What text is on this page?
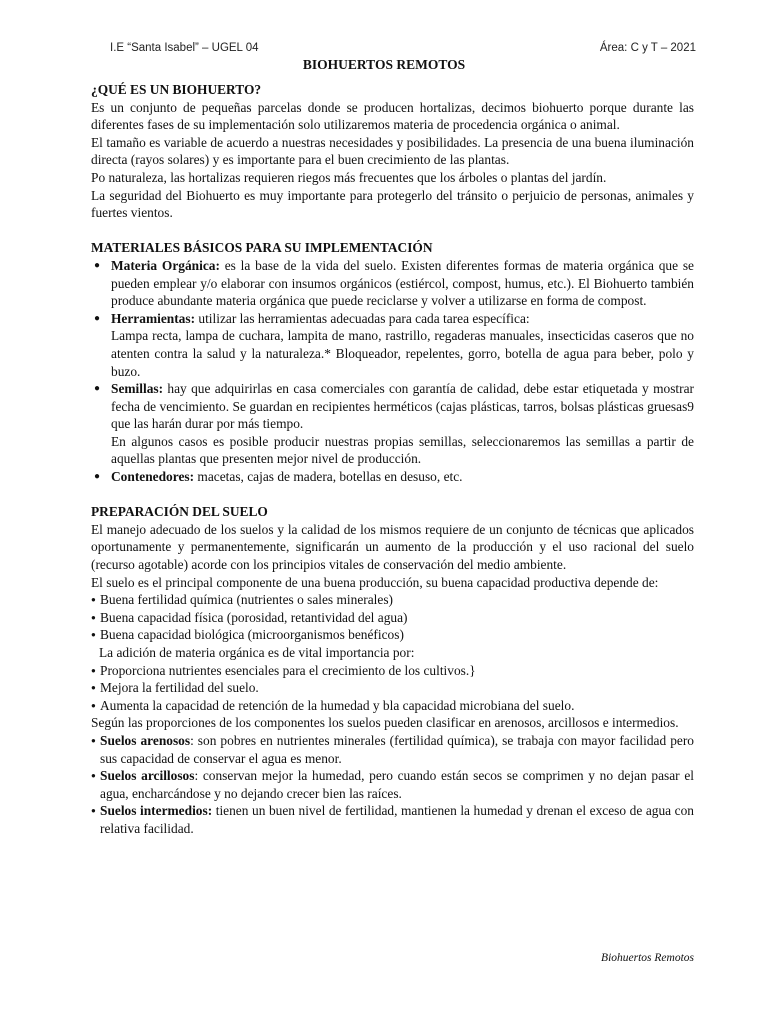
I.E “Santa Isabel” – UGEL 04	Área: C y T – 2021
BIOHUERTOS REMOTOS
¿QUÉ ES UN BIOHUERTO?

Es un conjunto de pequeñas parcelas donde se producen hortalizas, decimos biohuerto porque durante las diferentes fases de su implementación solo utilizaremos materia de procedencia orgánica o animal.

El tamaño es variable de acuerdo a nuestras necesidades y posibilidades. La presencia de una buena iluminación directa (rayos solares) y es importante para el buen crecimiento de las plantas.

Po naturaleza, las hortalizas requieren riegos más frecuentes que los árboles o plantas del jardín.

La seguridad del Biohuerto es muy importante para protegerlo del tránsito o perjuicio de personas, animales y fuertes vientos.

MATERIALES BÁSICOS PARA SU IMPLEMENTACIÓN
● Materia Orgánica: es la base de la vida del suelo. Existen diferentes formas de materia orgánica que se pueden emplear y/o elaborar con insumos orgánicos (estiércol, compost, humus, etc.). El Biohuerto también produce abundante materia orgánica que puede reciclarse y volver a utilizarse en forma de compost.
● Herramientas: utilizar las herramientas adecuadas para cada tarea específica:
Lampa recta, lampa de cuchara, lampita de mano, rastrillo, regaderas manuales, insecticidas caseros que no atenten contra la salud y la naturaleza.* Bloqueador, repelentes, gorro, botella de agua para beber, polo y buzo.
● Semillas: hay que adquirirlas en casa comerciales con garantía de calidad, debe estar etiquetada y mostrar fecha de vencimiento. Se guardan en recipientes herméticos (cajas plásticas, tarros, bolsas plásticas gruesas9 que las harán durar por más tiempo.
En algunos casos es posible producir nuestras propias semillas, seleccionaremos las semillas a partir de aquellas plantas que presenten mejor nivel de producción.
● Contenedores: macetas, cajas de madera, botellas en desuso, etc.
PREPARACIÓN DEL SUELO

El manejo adecuado de los suelos y la calidad de los mismos requiere de un conjunto de técnicas que aplicados oportunamente y permanentemente, significarán un aumento de la producción y el uso racional del suelo (recurso agotable) acorde con los principios vitales de conservación del medio ambiente.

El suelo es el principal componente de una buena producción, su buena capacidad productiva depende de:

● Buena fertilidad química (nutrientes o sales minerales)
● Buena capacidad física (porosidad, retantividad del agua)
● Buena capacidad biológica (microorganismos benéficos)

La adición de materia orgánica es de vital importancia por:

● Proporciona nutrientes esenciales para el crecimiento de los cultivos.}
● Mejora la fertilidad del suelo.
● Aumenta la capacidad de retención de la humedad y bla capacidad microbiana del suelo.

Según las proporciones de los componentes los suelos pueden clasificar en arenosos, arcillosos e intermedios.

● Suelos arenosos: son pobres en nutrientes minerales (fertilidad química), se trabaja con mayor facilidad pero sus capacidad de conservar el agua es menor.
● Suelos arcillosos: conservan mejor la humedad, pero cuando están secos se comprimen y no dejan pasar el agua, encharcándose y no dejando crecer bien las raíces.
● Suelos intermedios: tienen un buen nivel de fertilidad, mantienen la humedad y drenan el exceso de agua con relativa facilidad.
Biohuertos Remotos
